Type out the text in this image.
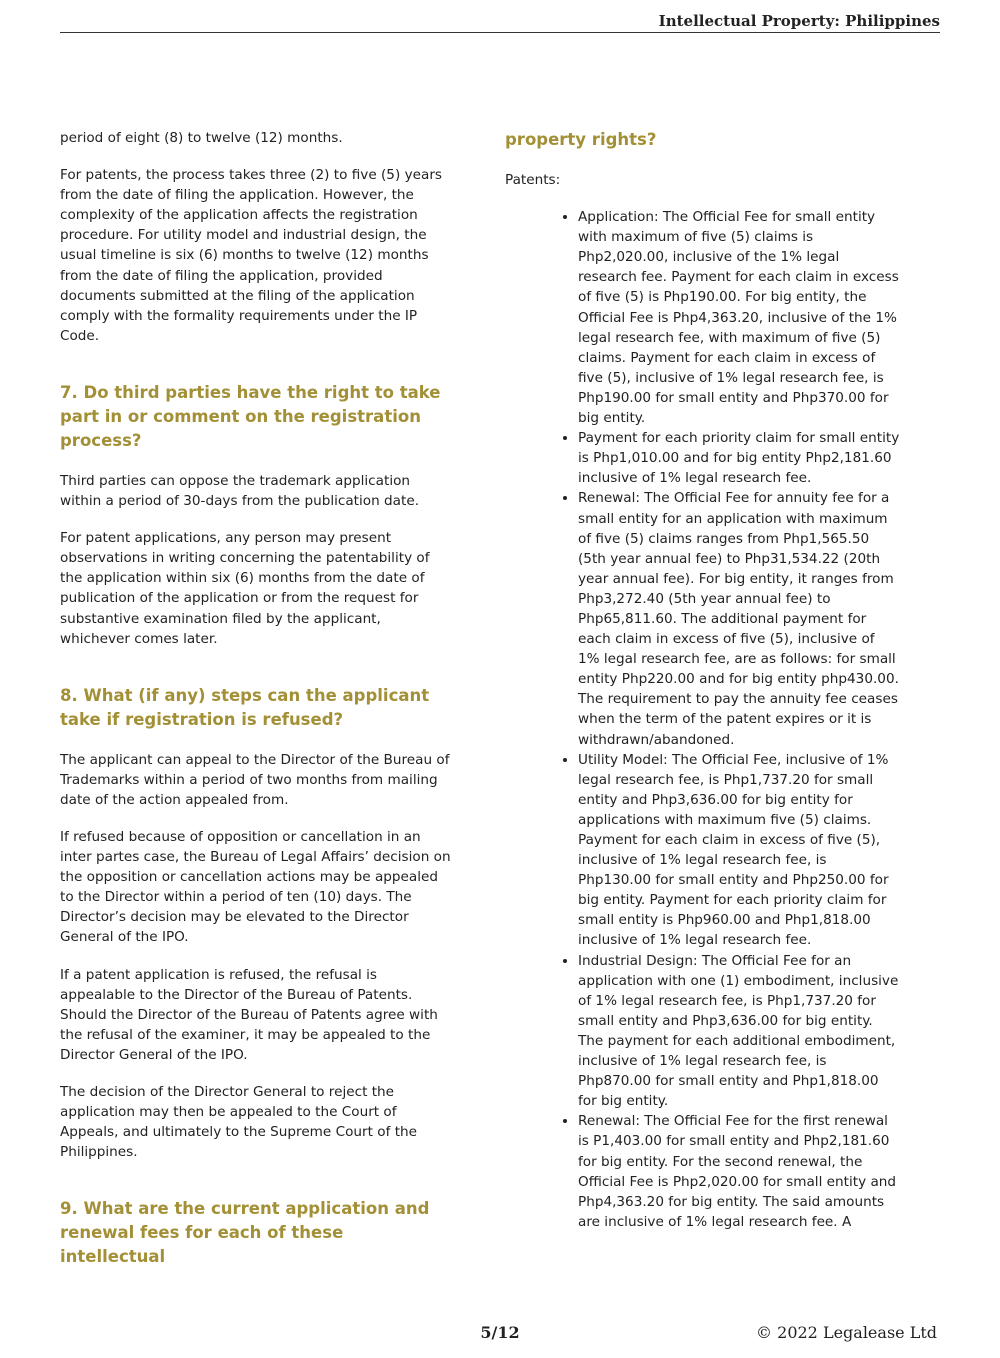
Intellectual Property: Philippines

period of eight (8) to twelve (12) months.

For patents, the process takes three (2) to five (5) years from the date of filing the application. However, the complexity of the application affects the registration procedure. For utility model and industrial design, the usual timeline is six (6) months to twelve (12) months from the date of filing the application, provided documents submitted at the filing of the application comply with the formality requirements under the IP Code.

7. Do third parties have the right to take part in or comment on the registration process?

Third parties can oppose the trademark application within a period of 30-days from the publication date.

For patent applications, any person may present observations in writing concerning the patentability of the application within six (6) months from the date of publication of the application or from the request for substantive examination filed by the applicant, whichever comes later.

8. What (if any) steps can the applicant take if registration is refused?

The applicant can appeal to the Director of the Bureau of Trademarks within a period of two months from mailing date of the action appealed from.

If refused because of opposition or cancellation in an inter partes case, the Bureau of Legal Affairs’ decision on the opposition or cancellation actions may be appealed to the Director within a period of ten (10) days. The Director’s decision may be elevated to the Director General of the IPO.

If a patent application is refused, the refusal is appealable to the Director of the Bureau of Patents. Should the Director of the Bureau of Patents agree with the refusal of the examiner, it may be appealed to the Director General of the IPO.

The decision of the Director General to reject the application may then be appealed to the Court of Appeals, and ultimately to the Supreme Court of the Philippines.

9. What are the current application and renewal fees for each of these intellectual
property rights?

Patents:

• Application: The Official Fee for small entity with maximum of five (5) claims is Php2,020.00, inclusive of the 1% legal research fee. Payment for each claim in excess of five (5) is Php190.00. For big entity, the Official Fee is Php4,363.20, inclusive of the 1% legal research fee, with maximum of five (5) claims. Payment for each claim in excess of five (5), inclusive of 1% legal research fee, is Php190.00 for small entity and Php370.00 for big entity.
• Payment for each priority claim for small entity is Php1,010.00 and for big entity Php2,181.60 inclusive of 1% legal research fee.
• Renewal: The Official Fee for annuity fee for a small entity for an application with maximum of five (5) claims ranges from Php1,565.50 (5th year annual fee) to Php31,534.22 (20th year annual fee). For big entity, it ranges from Php3,272.40 (5th year annual fee) to Php65,811.60. The additional payment for each claim in excess of five (5), inclusive of 1% legal research fee, are as follows: for small entity Php220.00 and for big entity php430.00. The requirement to pay the annuity fee ceases when the term of the patent expires or it is withdrawn/abandoned.
• Utility Model: The Official Fee, inclusive of 1% legal research fee, is Php1,737.20 for small entity and Php3,636.00 for big entity for applications with maximum five (5) claims. Payment for each claim in excess of five (5), inclusive of 1% legal research fee, is Php130.00 for small entity and Php250.00 for big entity. Payment for each priority claim for small entity is Php960.00 and Php1,818.00 inclusive of 1% legal research fee.
• Industrial Design: The Official Fee for an application with one (1) embodiment, inclusive of 1% legal research fee, is Php1,737.20 for small entity and Php3,636.00 for big entity. The payment for each additional embodiment, inclusive of 1% legal research fee, is Php870.00 for small entity and Php1,818.00 for big entity.
• Renewal: The Official Fee for the first renewal is P1,403.00 for small entity and Php2,181.60 for big entity. For the second renewal, the Official Fee is Php2,020.00 for small entity and Php4,363.20 for big entity. The said amounts are inclusive of 1% legal research fee. A
5/12	© 2022 Legalease Ltd
